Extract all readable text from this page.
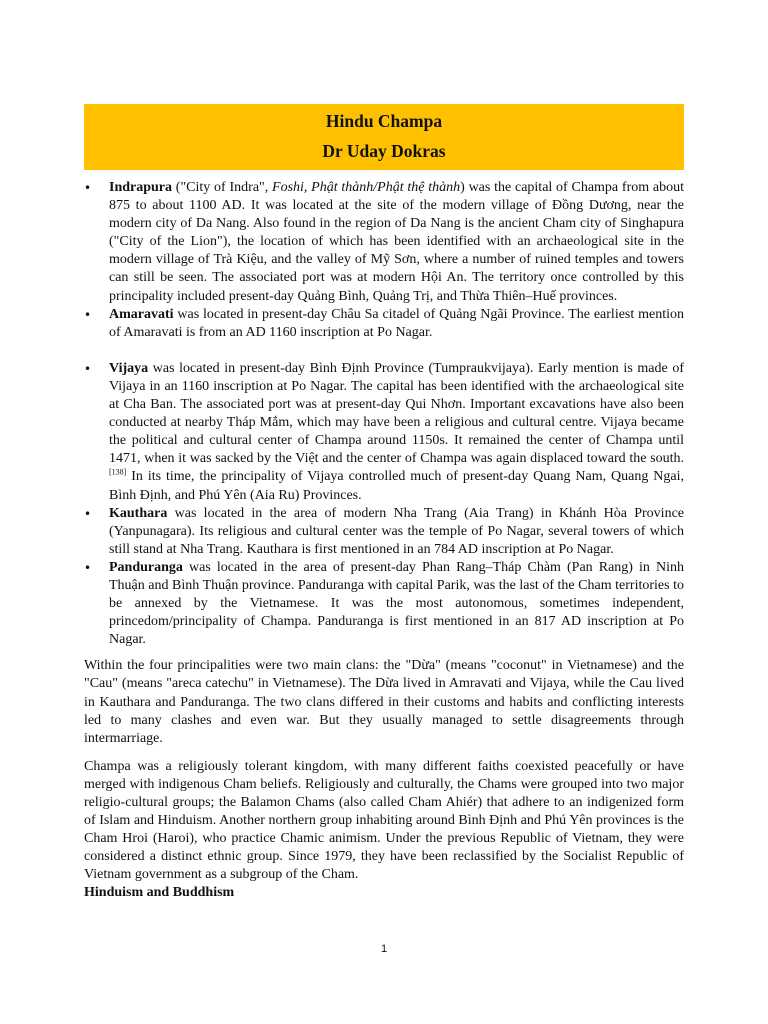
Hindu Champa
Dr Uday Dokras
• Indrapura ("City of Indra", Foshi, Phật thành/Phật thệ thành) was the capital of Champa from about 875 to about 1100 AD. It was located at the site of the modern village of Đồng Dương, near the modern city of Da Nang. Also found in the region of Da Nang is the ancient Cham city of Singhapura ("City of the Lion"), the location of which has been identified with an archaeological site in the modern village of Trà Kiệu, and the valley of Mỹ Sơn, where a number of ruined temples and towers can still be seen. The associated port was at modern Hội An. The territory once controlled by this principality included present-day Quảng Bình, Quảng Trị, and Thừa Thiên–Huế provinces.
• Amaravati was located in present-day Châu Sa citadel of Quảng Ngãi Province. The earliest mention of Amaravati is from an AD 1160 inscription at Po Nagar.
• Vijaya was located in present-day Bình Định Province (Tumpraukvijaya). Early mention is made of Vijaya in an 1160 inscription at Po Nagar. The capital has been identified with the archaeological site at Cha Ban. The associated port was at present-day Qui Nhơn. Important excavations have also been conducted at nearby Tháp Mắm, which may have been a religious and cultural centre. Vijaya became the political and cultural center of Champa around 1150s. It remained the center of Champa until 1471, when it was sacked by the Việt and the center of Champa was again displaced toward the south.[138] In its time, the principality of Vijaya controlled much of present-day Quang Nam, Quang Ngai, Bình Định, and Phú Yên (Aia Ru) Provinces.
• Kauthara was located in the area of modern Nha Trang (Aia Trang) in Khánh Hòa Province (Yanpunagara). Its religious and cultural center was the temple of Po Nagar, several towers of which still stand at Nha Trang. Kauthara is first mentioned in an 784 AD inscription at Po Nagar.
• Panduranga was located in the area of present-day Phan Rang–Tháp Chàm (Pan Rang) in Ninh Thuận and Bình Thuận province. Panduranga with capital Parik, was the last of the Cham territories to be annexed by the Vietnamese. It was the most autonomous, sometimes independent, princedom/principality of Champa. Panduranga is first mentioned in an 817 AD inscription at Po Nagar.

Within the four principalities were two main clans: the "Dừa" (means "coconut" in Vietnamese) and the "Cau" (means "areca catechu" in Vietnamese). The Dừa lived in Amravati and Vijaya, while the Cau lived in Kauthara and Panduranga. The two clans differed in their customs and habits and conflicting interests led to many clashes and even war. But they usually managed to settle disagreements through intermarriage.

Champa was a religiously tolerant kingdom, with many different faiths coexisted peacefully or have merged with indigenous Cham beliefs. Religiously and culturally, the Chams were grouped into two major religio-cultural groups; the Balamon Chams (also called Cham Ahiér) that adhere to an indigenized form of Islam and Hinduism. Another northern group inhabiting around Bình Định and Phú Yên provinces is the Cham Hroi (Haroi), who practice Chamic animism. Under the previous Republic of Vietnam, they were considered a distinct ethnic group. Since 1979, they have been reclassified by the Socialist Republic of Vietnam government as a subgroup of the Cham.

Hinduism and Buddhism
1
